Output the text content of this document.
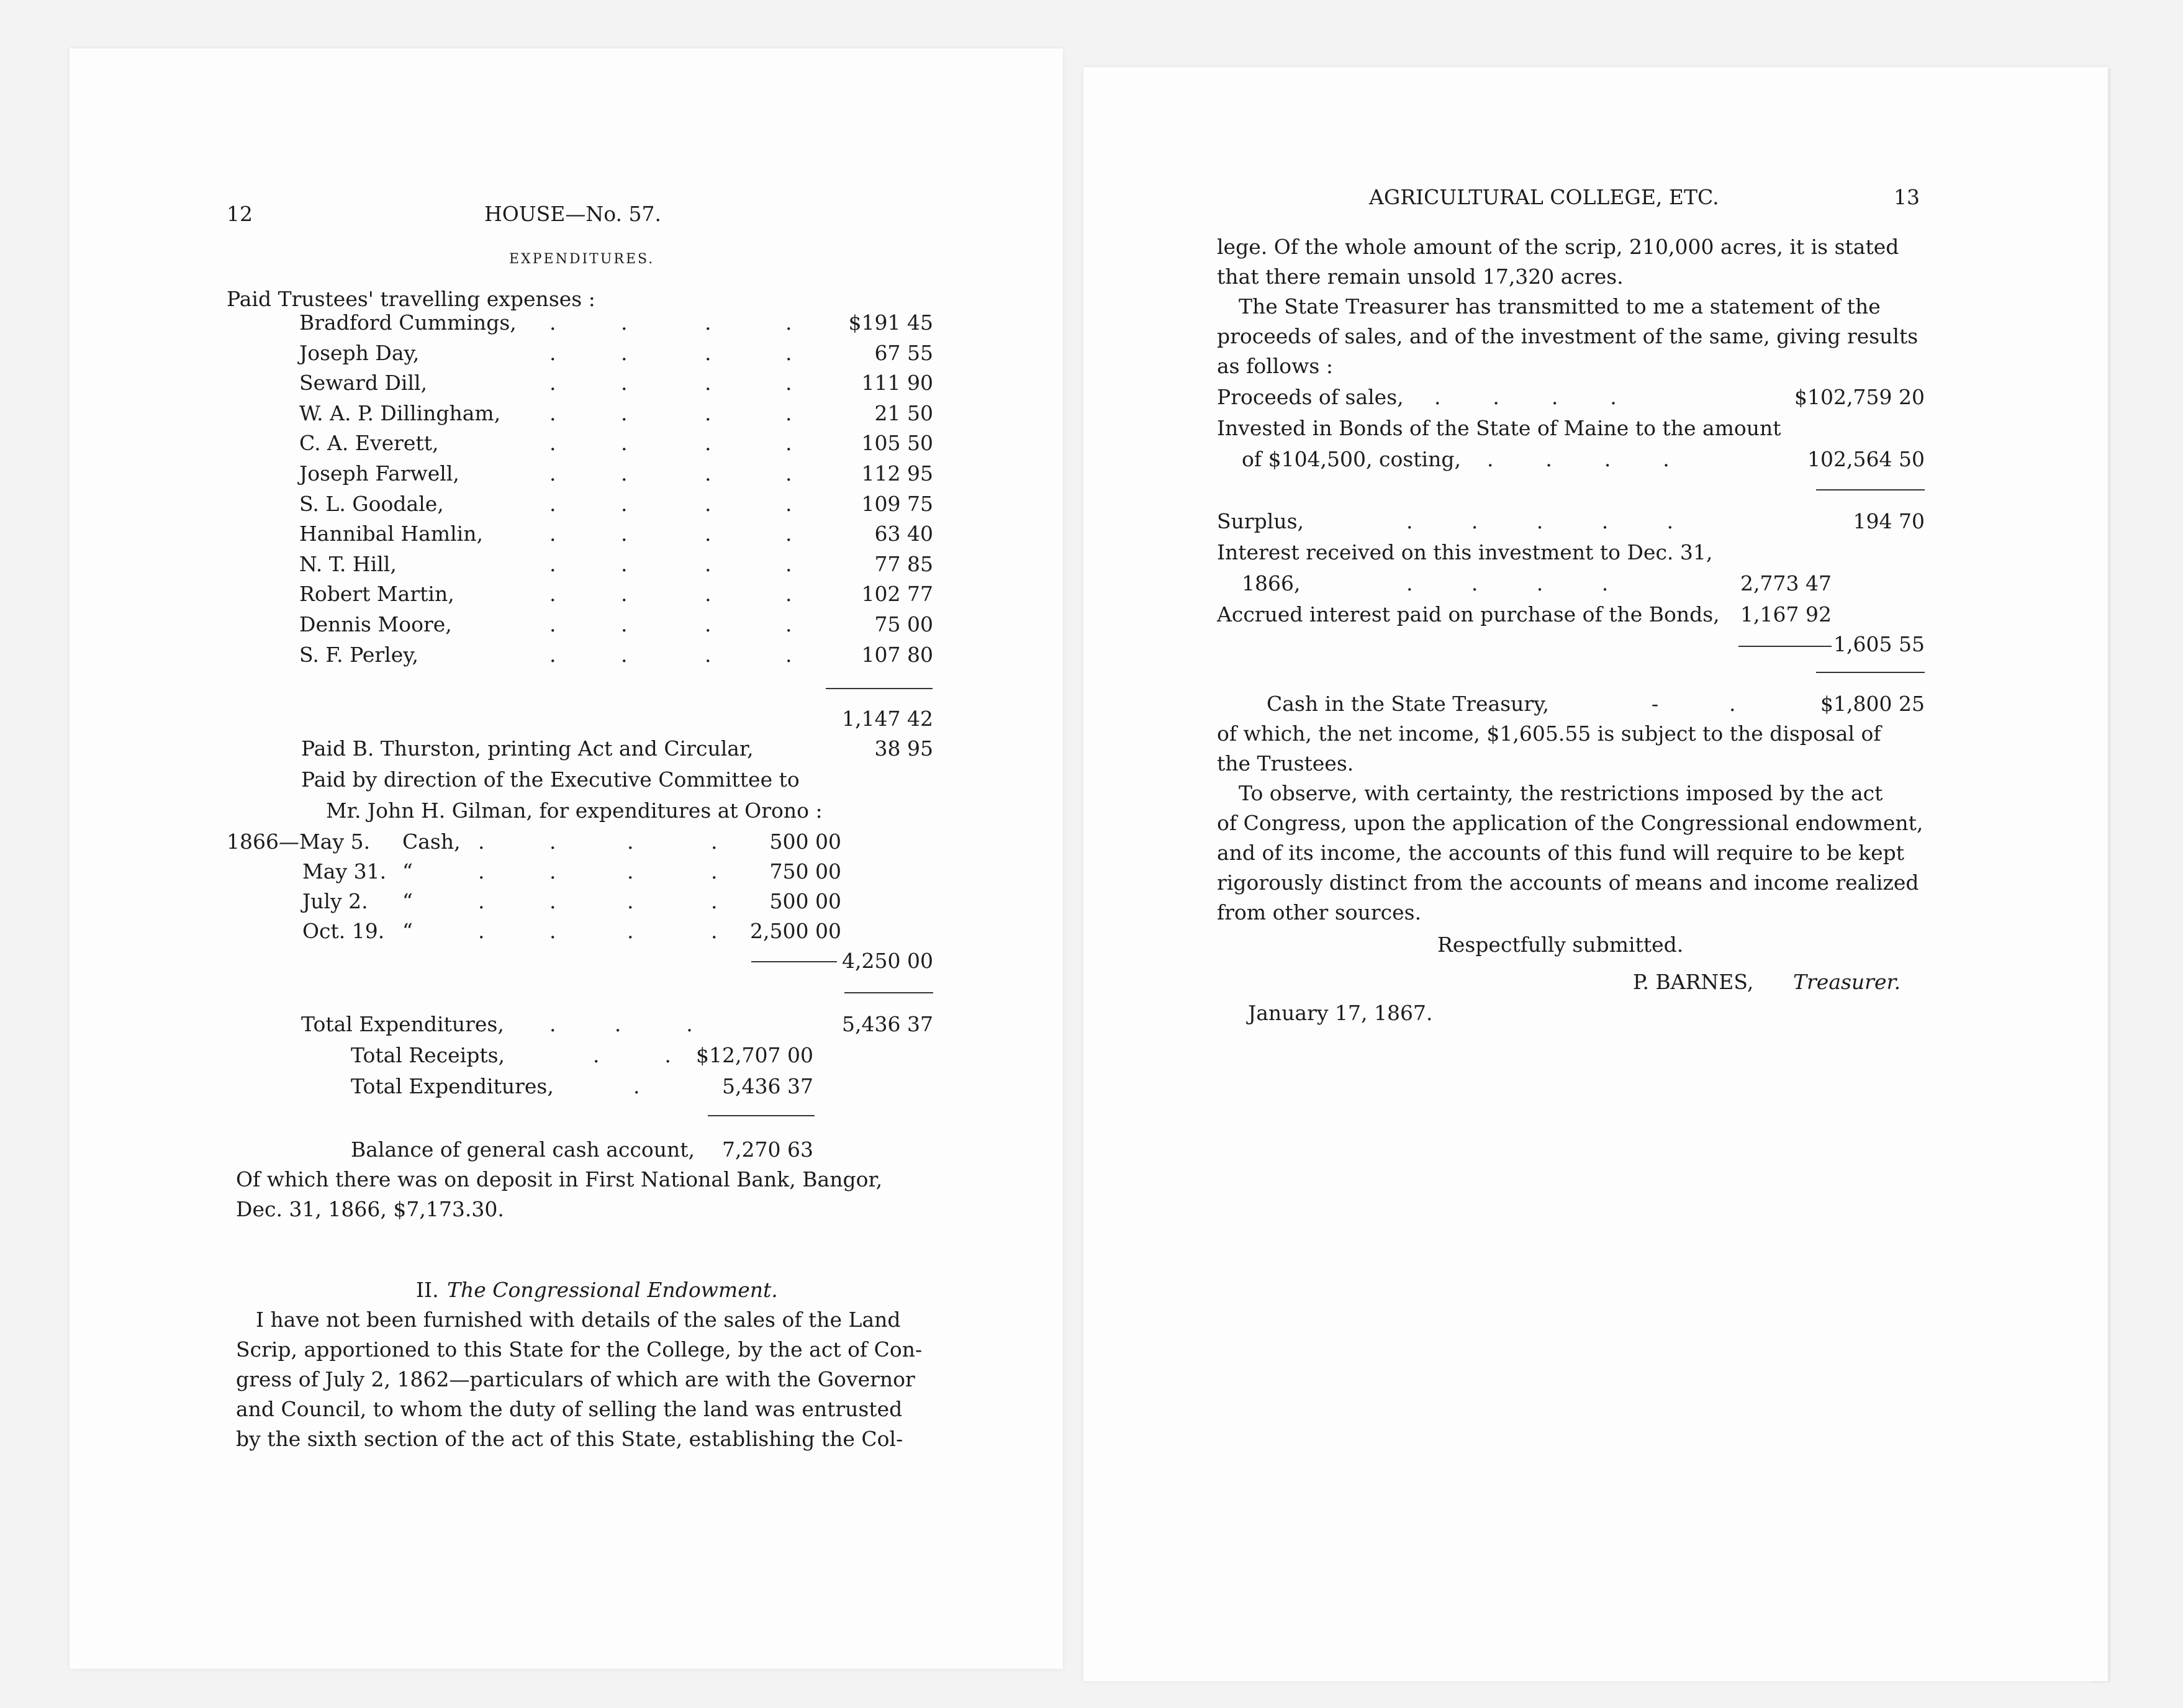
12	HOUSE—No. 57.
EXPENDITURES.
Paid Trustees' travelling expenses :
Bradford Cummings, .	.	.	.	$191 45
Joseph Day,	.	.	.	.	67 55
Seward Dill,	.	.	.	.	111 90
W. A. P. Dillingham, .	.	.	.	21 50
C. A. Everett,	.	.	.	.	105 50
Joseph Farwell,	.	.	.	.	112 95
S. L. Goodale,	.	.	.	.	109 75
Hannibal Hamlin,	.	.	.	.	63 40
N. T. Hill,	.	.	.	.	77 85
Robert Martin,	.	.	.	.	102 77
Dennis Moore,	.	.	.	.	75 00
S. F. Perley,	.	.	.	.	107 80
1,147 42
Paid B. Thurston, printing Act and Circular,	38 95
Paid by direction of the Executive Committee to
Mr. John H. Gilman, for expenditures at Orono :
1866—May 5. Cash, .	.	.	.	500 00
May 31. “	.	.	.	.	750 00
July 2. “	.	.	.	.	500 00
Oct. 19. “	.	.	.	.	2,500 00
4,250 00
Total Expenditures, .         .          .	5,436 37
Total Receipts,	.          .	$12,707 00
Total Expenditures,	.	5,436 37
Balance of general cash account,	7,270 63
Of which there was on deposit in First National Bank, Bangor,
Dec. 31, 1866, $7,173.30.
II. The Congressional Endowment.
I have not been furnished with details of the sales of the Land
Scrip, apportioned to this State for the College, by the act of Con-
gress of July 2, 1862—particulars of which are with the Governor
and Council, to whom the duty of selling the land was entrusted
by the sixth section of the act of this State, establishing the Col-
AGRICULTURAL COLLEGE, ETC.	13
lege. Of the whole amount of the scrip, 210,000 acres, it is stated
that there remain unsold 17,320 acres.
The State Treasurer has transmitted to me a statement of the
proceeds of sales, and of the investment of the same, giving results
as follows :
Proceeds of sales, .        .        .        .	$102,759 20
Invested in Bonds of the State of Maine to the amount
of $104,500, costing, .        .        .        .	102,564 50
Surplus,	.         .         .         .         .	194 70
Interest received on this investment to Dec. 31,
1866,	.         .         .         .	2,773 47
Accrued interest paid on purchase of the Bonds,	1,167 92
1,605 55
Cash in the State Treasury,	-	.	$1,800 25
of which, the net income, $1,605.55 is subject to the disposal of
the Trustees.
To observe, with certainty, the restrictions imposed by the act
of Congress, upon the application of the Congressional endowment,
and of its income, the accounts of this fund will require to be kept
rigorously distinct from the accounts of means and income realized
from other sources.
Respectfully submitted.
P. BARNES, Treasurer.
January 17, 1867.
